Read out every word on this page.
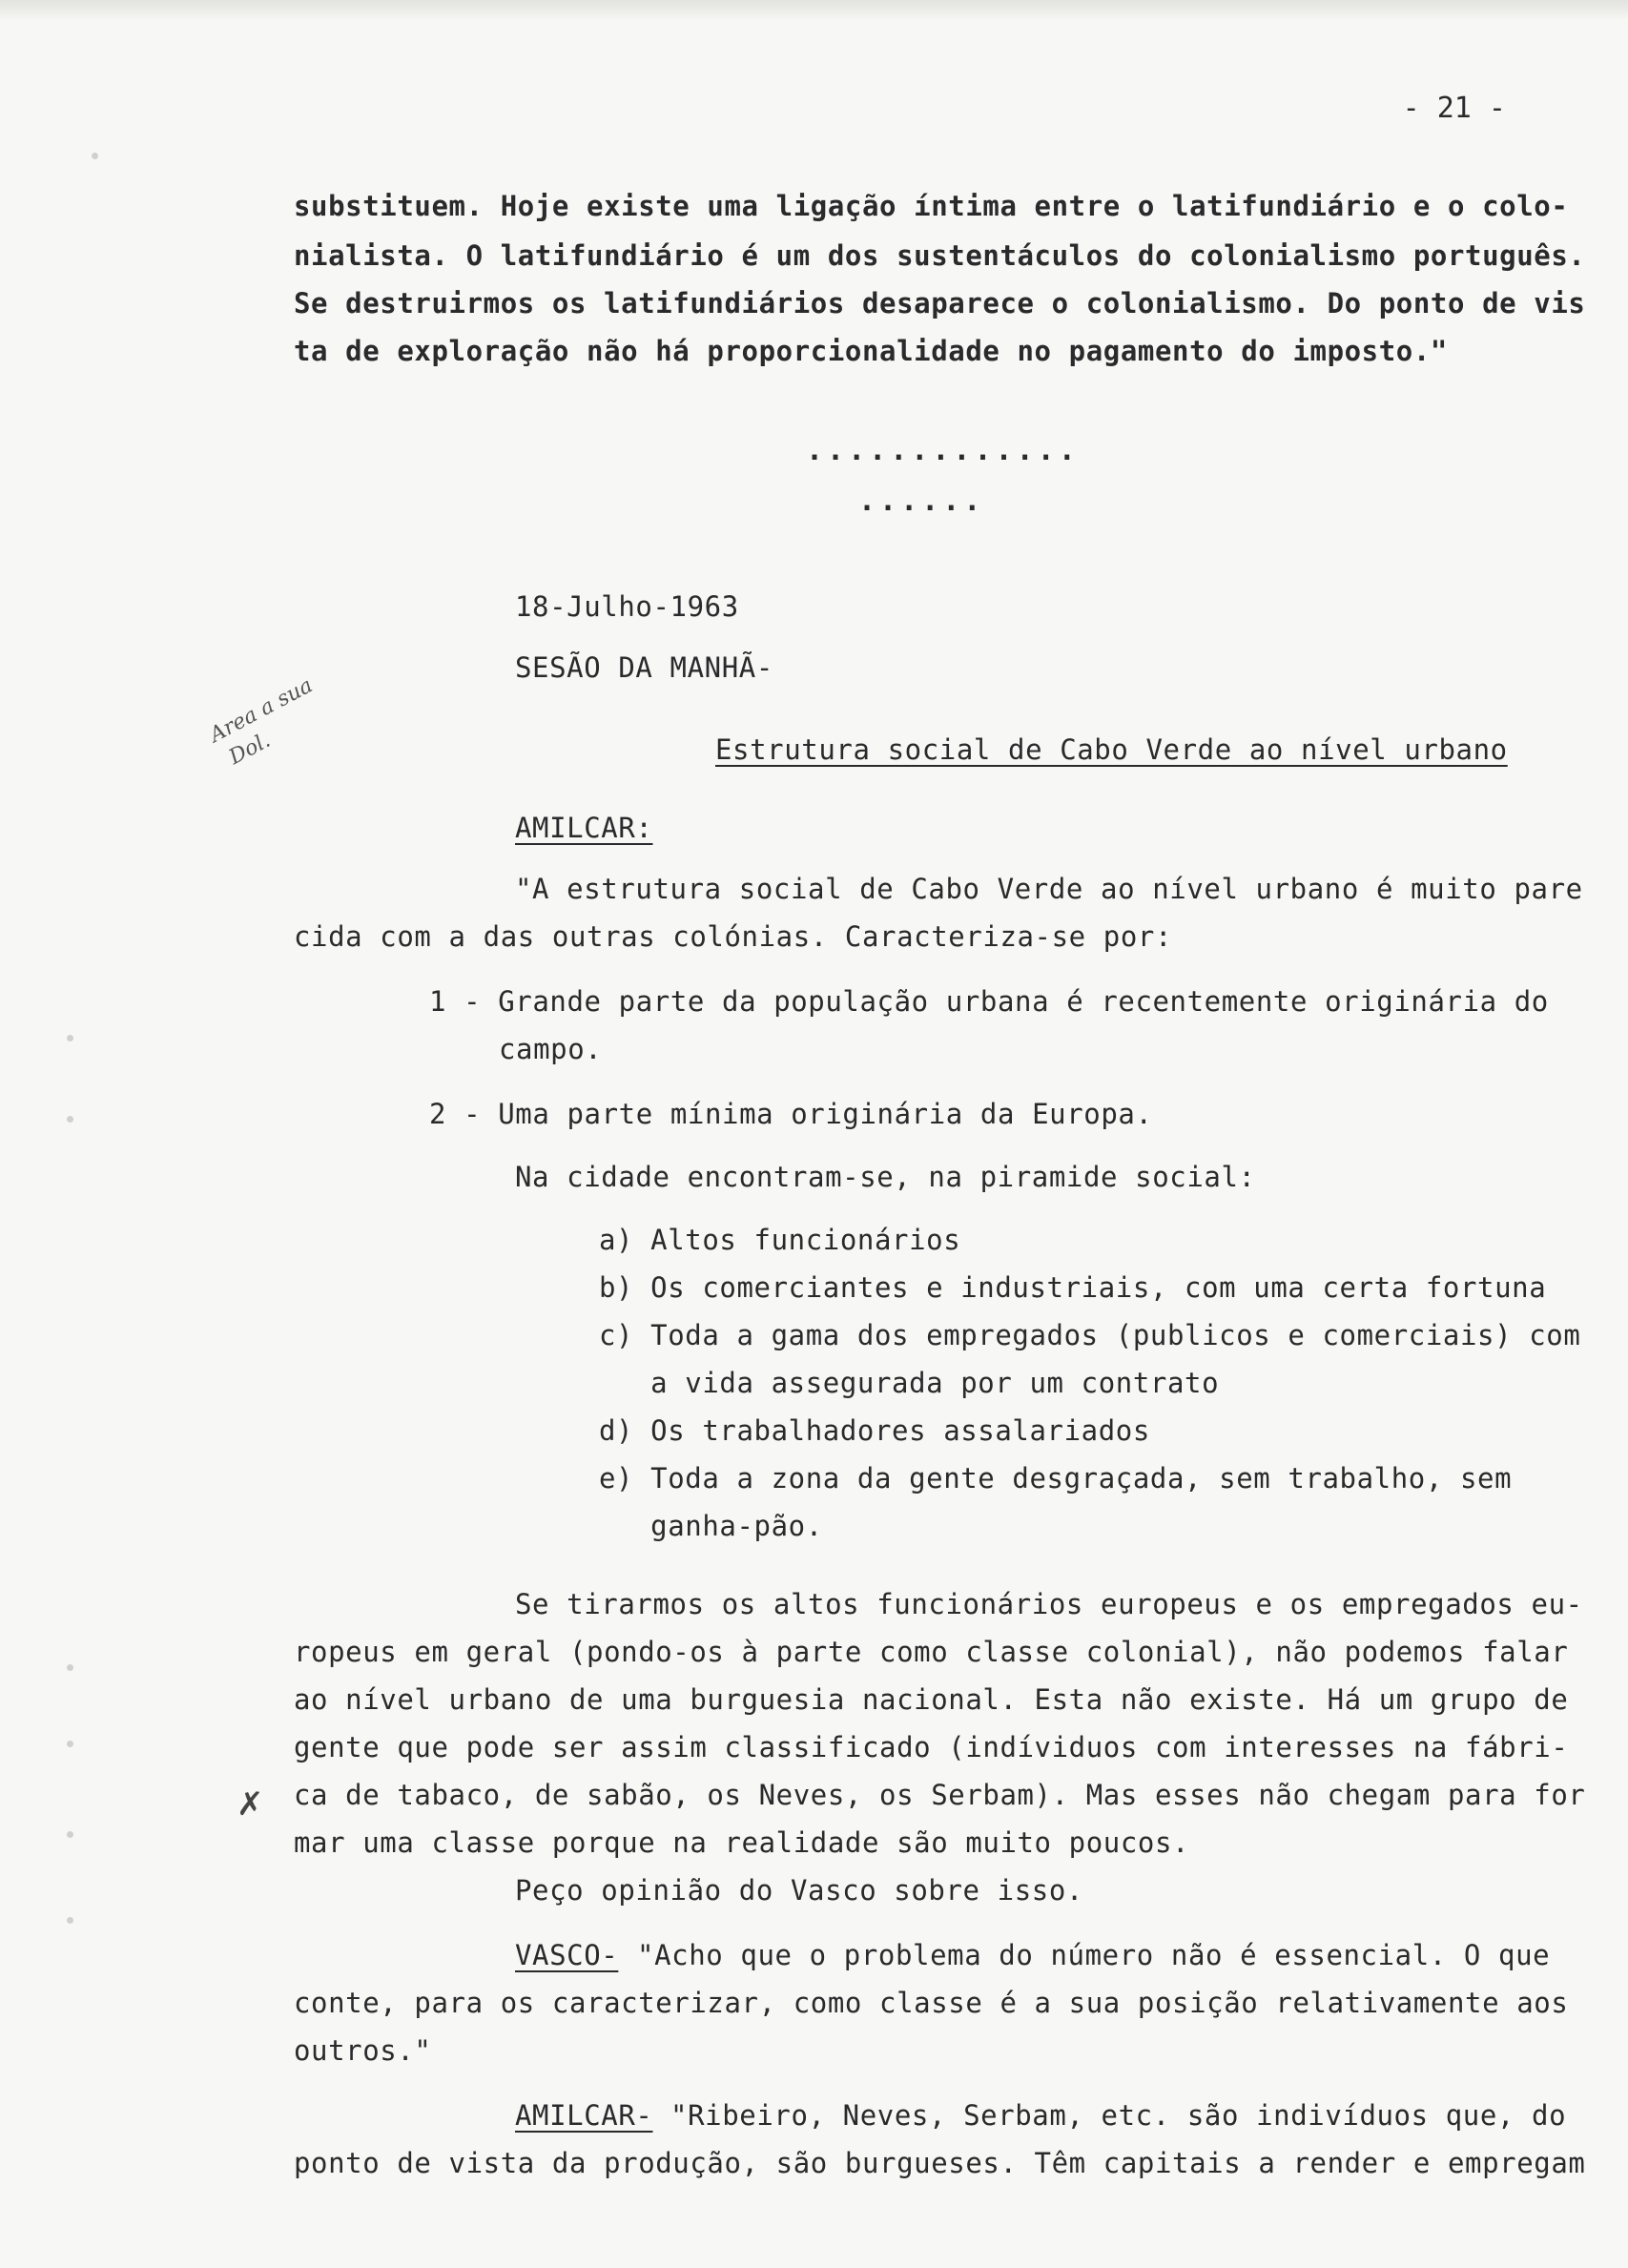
- 21 -
substituem. Hoje existe uma ligação íntima entre o latifundiário e o colo-
nialista. O latifundiário é um dos sustentáculos do colonialismo português.
Se destruirmos os latifundiários desaparece o colonialismo. Do ponto de vis
ta de exploração não há proporcionalidade no pagamento do imposto."
.............
......
18-Julho-1963
SESÃO DA MANHÃ-
Estrutura social de Cabo Verde ao nível urbano
Area a sua
Dol.
AMILCAR:
"A estrutura social de Cabo Verde ao nível urbano é muito pare
cida com a das outras colónias. Caracteriza-se por:
1 - Grande parte da população urbana é recentemente originária do
campo.
2 - Uma parte mínima originária da Europa.
Na cidade encontram-se, na piramide social:
a) Altos funcionários
b) Os comerciantes e industriais, com uma certa fortuna
c) Toda a gama dos empregados (publicos e comerciais) com
a vida assegurada por um contrato
d) Os trabalhadores assalariados
e) Toda a zona da gente desgraçada, sem trabalho, sem
ganha-pão.
Se tirarmos os altos funcionários europeus e os empregados eu-
ropeus em geral (pondo-os à parte como classe colonial), não podemos falar
ao nível urbano de uma burguesia nacional. Esta não existe. Há um grupo de
gente que pode ser assim classificado (indíviduos com interesses na fábri-
ca de tabaco, de sabão, os Neves, os Serbam). Mas esses não chegam para for
mar uma classe porque na realidade são muito poucos.
✗
Peço opinião do Vasco sobre isso.
VASCO- "Acho que o problema do número não é essencial. O que
conte, para os caracterizar, como classe é a sua posição relativamente aos
outros."
AMILCAR- "Ribeiro, Neves, Serbam, etc. são indivíduos que, do
ponto de vista da produção, são burgueses. Têm capitais a render e empregam
